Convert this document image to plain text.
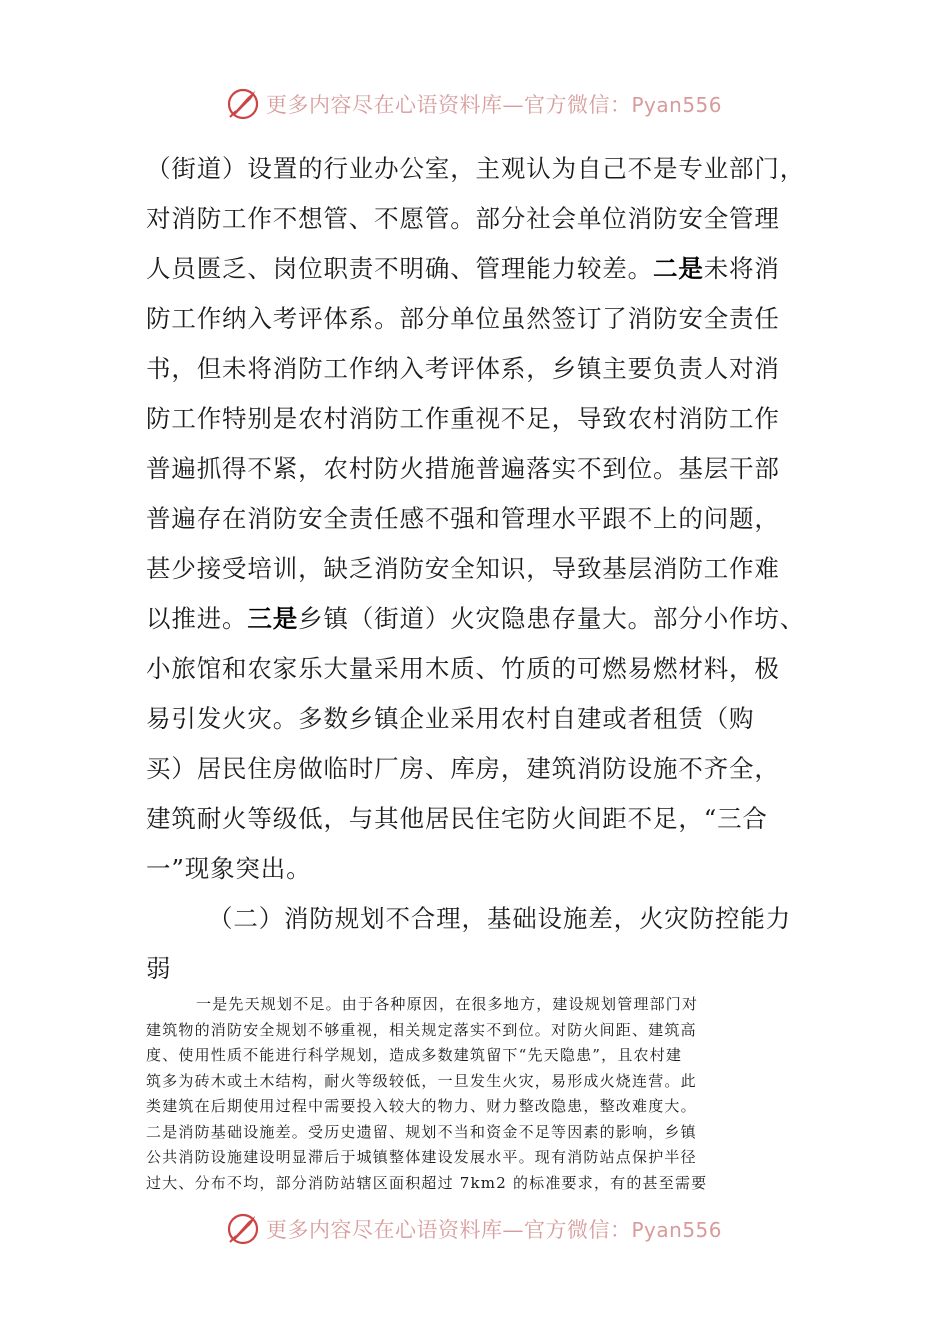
更多内容尽在心语资料库—官方微信：Pyan556
（街道）设置的行业办公室，主观认为自己不是专业部门，
对消防工作不想管、不愿管。部分社会单位消防安全管理
人员匮乏、岗位职责不明确、管理能力较差。二是未将消
防工作纳入考评体系。部分单位虽然签订了消防安全责任
书，但未将消防工作纳入考评体系，乡镇主要负责人对消
防工作特别是农村消防工作重视不足，导致农村消防工作
普遍抓得不紧，农村防火措施普遍落实不到位。基层干部
普遍存在消防安全责任感不强和管理水平跟不上的问题，
甚少接受培训，缺乏消防安全知识，导致基层消防工作难
以推进。三是乡镇（街道）火灾隐患存量大。部分小作坊、
小旅馆和农家乐大量采用木质、竹质的可燃易燃材料，极
易引发火灾。多数乡镇企业采用农村自建或者租赁（购
买）居民住房做临时厂房、库房，建筑消防设施不齐全，
建筑耐火等级低，与其他居民住宅防火间距不足，“三合
一”现象突出。
（二）消防规划不合理，基础设施差，火灾防控能力
弱
一是先天规划不足。由于各种原因，在很多地方，建设规划管理部门对
建筑物的消防安全规划不够重视，相关规定落实不到位。对防火间距、建筑高
度、使用性质不能进行科学规划，造成多数建筑留下“先天隐患”，且农村建
筑多为砖木或土木结构，耐火等级较低，一旦发生火灾，易形成火烧连营。此
类建筑在后期使用过程中需要投入较大的物力、财力整改隐患，整改难度大。
二是消防基础设施差。受历史遗留、规划不当和资金不足等因素的影响，乡镇
公共消防设施建设明显滞后于城镇整体建设发展水平。现有消防站点保护半径
过大、分布不均，部分消防站辖区面积超过 7km2 的标准要求，有的甚至需要
更多内容尽在心语资料库—官方微信：Pyan556
